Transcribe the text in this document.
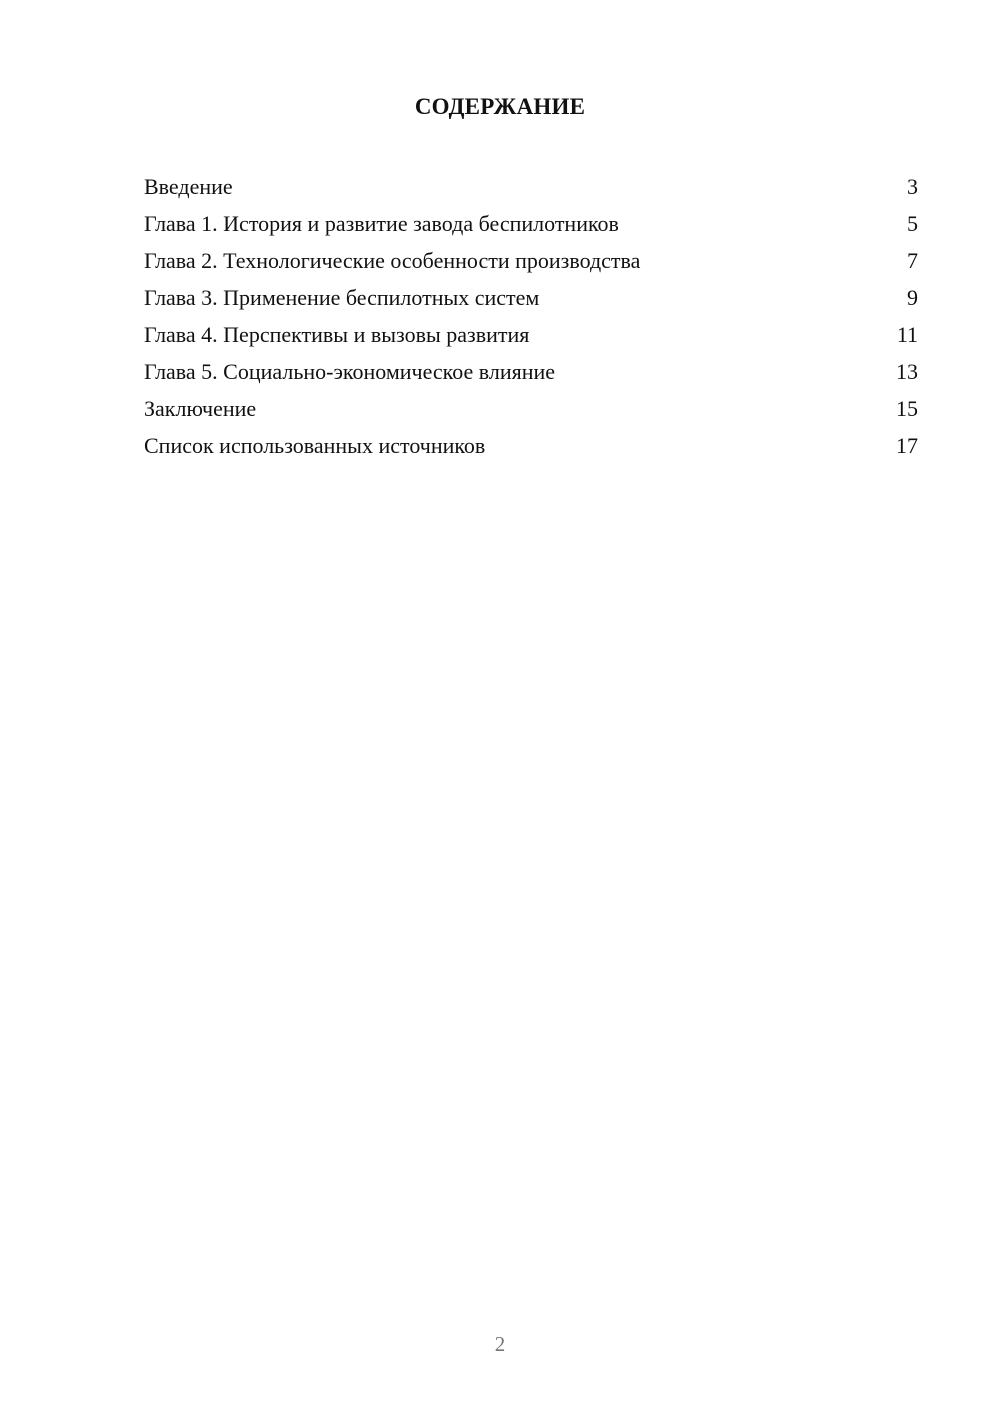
СОДЕРЖАНИЕ
Введение	3
Глава 1. История и развитие завода беспилотников	5
Глава 2. Технологические особенности производства	7
Глава 3. Применение беспилотных систем	9
Глава 4. Перспективы и вызовы развития	11
Глава 5. Социально-экономическое влияние	13
Заключение	15
Список использованных источников	17
2
